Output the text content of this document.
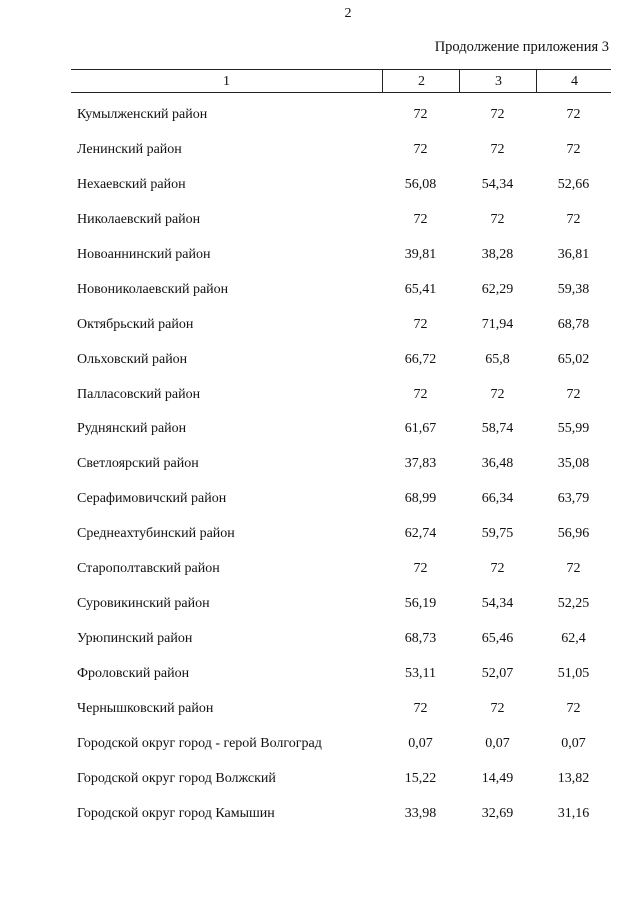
2
Продолжение приложения 3
1	2	3	4
Кумылженский район	72	72	72
Ленинский район	72	72	72
Нехаевский район	56,08	54,34	52,66
Николаевский район	72	72	72
Новоаннинский район	39,81	38,28	36,81
Новониколаевский район	65,41	62,29	59,38
Октябрьский район	72	71,94	68,78
Ольховский район	66,72	65,8	65,02
Палласовский район	72	72	72
Руднянский район	61,67	58,74	55,99
Светлоярский район	37,83	36,48	35,08
Серафимовичский район	68,99	66,34	63,79
Среднеахтубинский район	62,74	59,75	56,96
Старополтавский район	72	72	72
Суровикинский район	56,19	54,34	52,25
Урюпинский район	68,73	65,46	62,4
Фроловский район	53,11	52,07	51,05
Чернышковский район	72	72	72
Городской округ город - герой Волгоград	0,07	0,07	0,07
Городской округ город Волжский	15,22	14,49	13,82
Городской округ город Камышин	33,98	32,69	31,16
